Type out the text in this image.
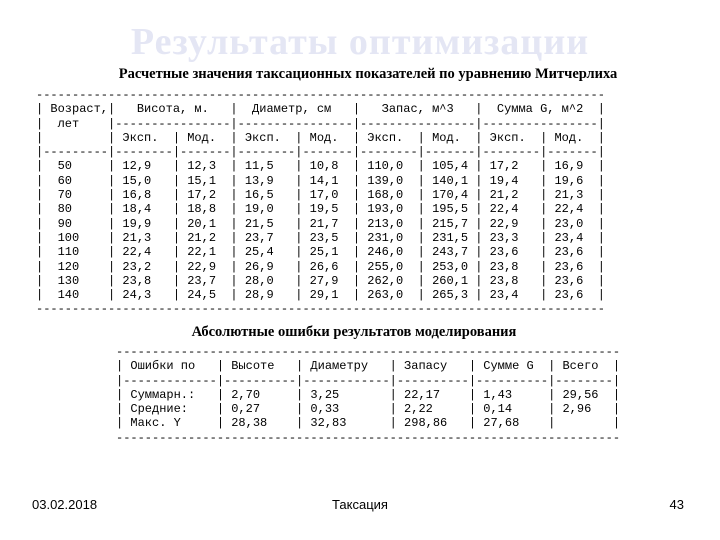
Результаты оптимизации
Расчетные значения таксационных показателей по уравнению Митчерлиха
-------------------------------------------------------------------------------
| Возраст,|   Висота, м.   |  Диаметр, см   |   Запас, м^3   |  Сумма G, м^2  |
|  лет    |----------------|----------------|----------------|----------------|
|         | Эксп.  | Мод.  | Эксп.  | Мод.  | Эксп.  | Мод.  | Эксп.  | Мод.  |
|---------|--------|-------|--------|-------|--------|-------|--------|-------|
|  50     | 12,9   | 12,3  | 11,5   | 10,8  | 110,0  | 105,4 | 17,2   | 16,9  |
|  60     | 15,0   | 15,1  | 13,9   | 14,1  | 139,0  | 140,1 | 19,4   | 19,6  |
|  70     | 16,8   | 17,2  | 16,5   | 17,0  | 168,0  | 170,4 | 21,2   | 21,3  |
|  80     | 18,4   | 18,8  | 19,0   | 19,5  | 193,0  | 195,5 | 22,4   | 22,4  |
|  90     | 19,9   | 20,1  | 21,5   | 21,7  | 213,0  | 215,7 | 22,9   | 23,0  |
|  100    | 21,3   | 21,2  | 23,7   | 23,5  | 231,0  | 231,5 | 23,3   | 23,4  |
|  110    | 22,4   | 22,1  | 25,4   | 25,1  | 246,0  | 243,7 | 23,6   | 23,6  |
|  120    | 23,2   | 22,9  | 26,9   | 26,6  | 255,0  | 253,0 | 23,8   | 23,6  |
|  130    | 23,8   | 23,7  | 28,0   | 27,9  | 262,0  | 260,1 | 23,8   | 23,6  |
|  140    | 24,3   | 24,5  | 28,9   | 29,1  | 263,0  | 265,3 | 23,4   | 23,6  |
-------------------------------------------------------------------------------
Абсолютные ошибки результатов моделирования
----------------------------------------------------------------------
| Ошибки по   | Высоте   | Диаметру   | Запасу   | Сумме G  | Всего  |
|-------------|----------|------------|----------|----------|--------|
| Суммарн.:   | 2,70     | 3,25       | 22,17    | 1,43     | 29,56  |
| Средние:    | 0,27     | 0,33       | 2,22     | 0,14     | 2,96   |
| Макс. Y     | 28,38    | 32,83      | 298,86   | 27,68    |        |
----------------------------------------------------------------------
03.02.2018	Таксация	43
